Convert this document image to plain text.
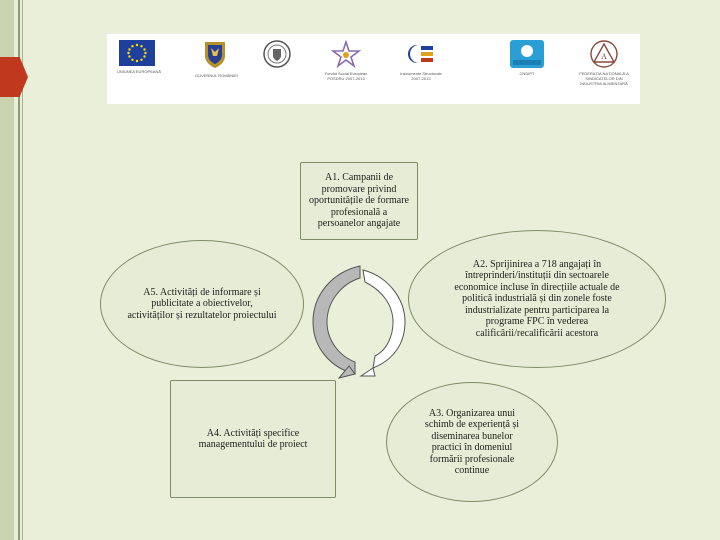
UNIUNEA EUROPEANĂ
GUVERNUL ROMÂNIEI	Fondul Social European POSDRU 2007-2013
Instrumente Structurale 2007-2013
CNDIPT
A
FEDERAȚIA NAȚIONALĂ A SINDICATELOR DIN INDUSTRIA ALIMENTARĂ
A1. Campanii de promovare privind oportunitățile de formare profesională a persoanelor angajate
A2. Sprijinirea a 718 angajați în întreprinderi/instituții din sectoarele economice incluse în direcțiile actuale de politică industrială și din zonele foste industrializate pentru participarea la programe FPC în vederea calificării/recalificării acestora
A3. Organizarea unui schimb de experiență și diseminarea bunelor practici în domeniul formării profesionale continue
A4. Activități specifice managementului de proiect
A5. Activități de informare și publicitate a obiectivelor, activităților și rezultatelor proiectului
